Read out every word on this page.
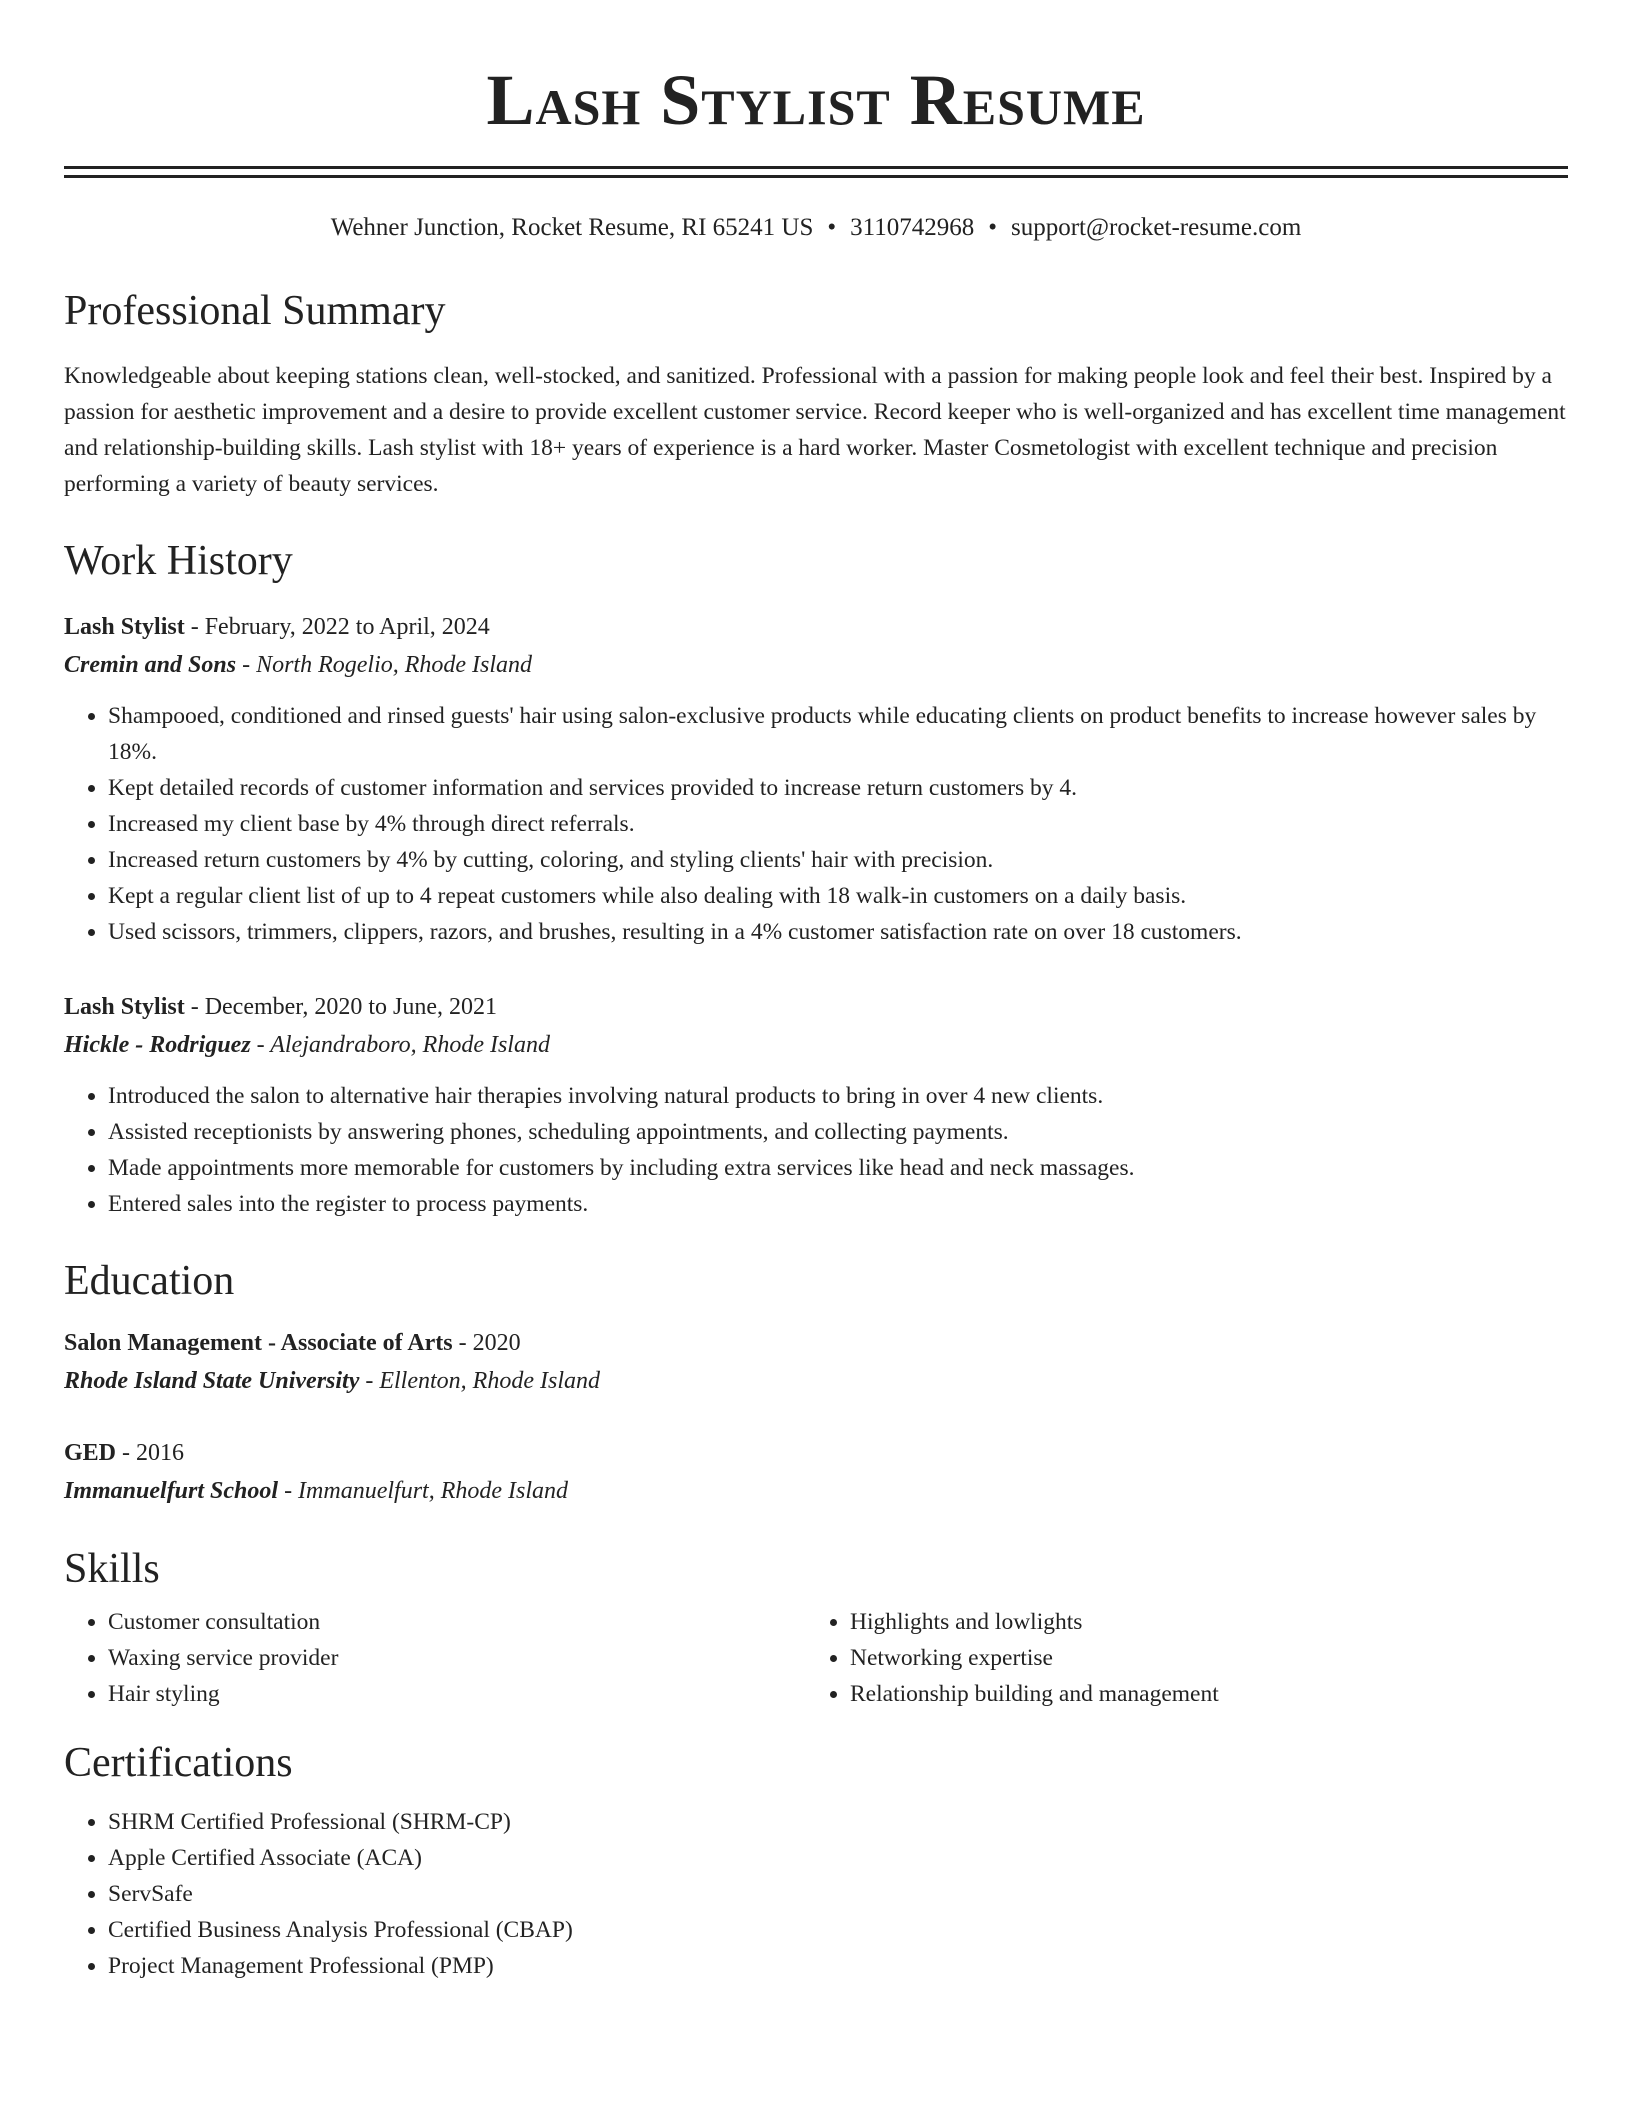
Lash Stylist Resume
Wehner Junction, Rocket Resume, RI 65241 US • 3110742968 • support@rocket-resume.com
Professional Summary

Knowledgeable about keeping stations clean, well-stocked, and sanitized. Professional with a passion for making people look and feel their best. Inspired by a passion for aesthetic improvement and a desire to provide excellent customer service. Record keeper who is well-organized and has excellent time management and relationship-building skills. Lash stylist with 18+ years of experience is a hard worker. Master Cosmetologist with excellent technique and precision performing a variety of beauty services.

Work History
Lash Stylist - February, 2022 to April, 2024
Cremin and Sons - North Rogelio, Rhode Island
• Shampooed, conditioned and rinsed guests' hair using salon-exclusive products while educating clients on product benefits to increase however sales by 18%.
• Kept detailed records of customer information and services provided to increase return customers by 4.
• Increased my client base by 4% through direct referrals.
• Increased return customers by 4% by cutting, coloring, and styling clients' hair with precision.
• Kept a regular client list of up to 4 repeat customers while also dealing with 18 walk-in customers on a daily basis.
• Used scissors, trimmers, clippers, razors, and brushes, resulting in a 4% customer satisfaction rate on over 18 customers.
Lash Stylist - December, 2020 to June, 2021
Hickle - Rodriguez - Alejandraboro, Rhode Island
• Introduced the salon to alternative hair therapies involving natural products to bring in over 4 new clients.
• Assisted receptionists by answering phones, scheduling appointments, and collecting payments.
• Made appointments more memorable for customers by including extra services like head and neck massages.
• Entered sales into the register to process payments.
Education
Salon Management - Associate of Arts - 2020
Rhode Island State University - Ellenton, Rhode Island
GED - 2016
Immanuelfurt School - Immanuelfurt, Rhode Island
Skills
• Customer consultation
• Waxing service provider
• Hair styling
• Highlights and lowlights
• Networking expertise
• Relationship building and management
Certifications
• SHRM Certified Professional (SHRM-CP)
• Apple Certified Associate (ACA)
• ServSafe
• Certified Business Analysis Professional (CBAP)
• Project Management Professional (PMP)
